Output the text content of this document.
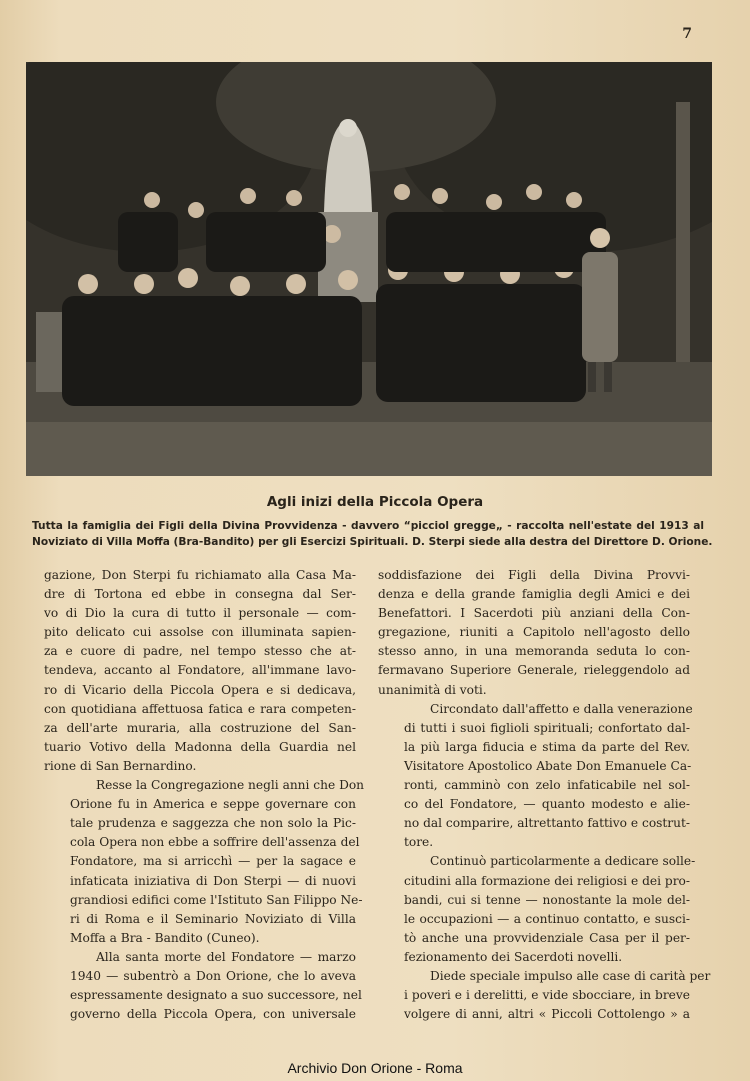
7
Agli inizi della Piccola Opera
Tutta la famiglia dei Figli della Divina Provvidenza - davvero “picciol gregge„ - raccolta nell'estate del 1913 al
Noviziato di Villa Moffa (Bra-Bandito) per gli Esercizi Spirituali. D. Sterpi siede alla destra del Direttore D. Orione.

gazione, Don Sterpi fu richiamato alla Casa Ma-
dre di Tortona ed ebbe in consegna dal Ser-
vo di Dio la cura di tutto il personale — com-
pito delicato cui assolse con illuminata sapien-
za e cuore di padre, nel tempo stesso che at-
tendeva, accanto al Fondatore, all'immane lavo-
ro di Vicario della Piccola Opera e si dedicava,
con quotidiana affettuosa fatica e rara competen-
za dell'arte muraria, alla costruzione del San-
tuario Votivo della Madonna della Guardia nel
rione di San Bernardino.

Resse la Congregazione negli anni che Don
Orione fu in America e seppe governare con
tale prudenza e saggezza che non solo la Pic-
cola Opera non ebbe a soffrire dell'assenza del
Fondatore, ma si arricchì — per la sagace e
infaticata iniziativa di Don Sterpi — di nuovi
grandiosi edifici come l'Istituto San Filippo Ne-
ri di Roma e il Seminario Noviziato di Villa
Moffa a Bra - Bandito (Cuneo).

Alla santa morte del Fondatore — marzo
1940 — subentrò a Don Orione, che lo aveva
espressamente designato a suo successore, nel
governo della Piccola Opera, con universale

soddisfazione dei Figli della Divina Provvi-
denza e della grande famiglia degli Amici e dei
Benefattori. I Sacerdoti più anziani della Con-
gregazione, riuniti a Capitolo nell'agosto dello
stesso anno, in una memoranda seduta lo con-
fermavano Superiore Generale, rieleggendolo ad
unanimità di voti.

Circondato dall'affetto e dalla venerazione
di tutti i suoi figlioli spirituali; confortato dal-
la più larga fiducia e stima da parte del Rev.
Visitatore Apostolico Abate Don Emanuele Ca-
ronti, camminò con zelo infaticabile nel sol-
co del Fondatore, — quanto modesto e alie-
no dal comparire, altrettanto fattivo e costrut-
tore.

Continuò particolarmente a dedicare solle-
citudini alla formazione dei religiosi e dei pro-
bandi, cui si tenne — nonostante la mole del-
le occupazioni — a continuo contatto, e susci-
tò anche una provvidenziale Casa per il per-
fezionamento dei Sacerdoti novelli.

Diede speciale impulso alle case di carità per
i poveri e i derelitti, e vide sbocciare, in breve
volgere di anni, altri « Piccoli Cottolengo » a

Archivio Don Orione - Roma
